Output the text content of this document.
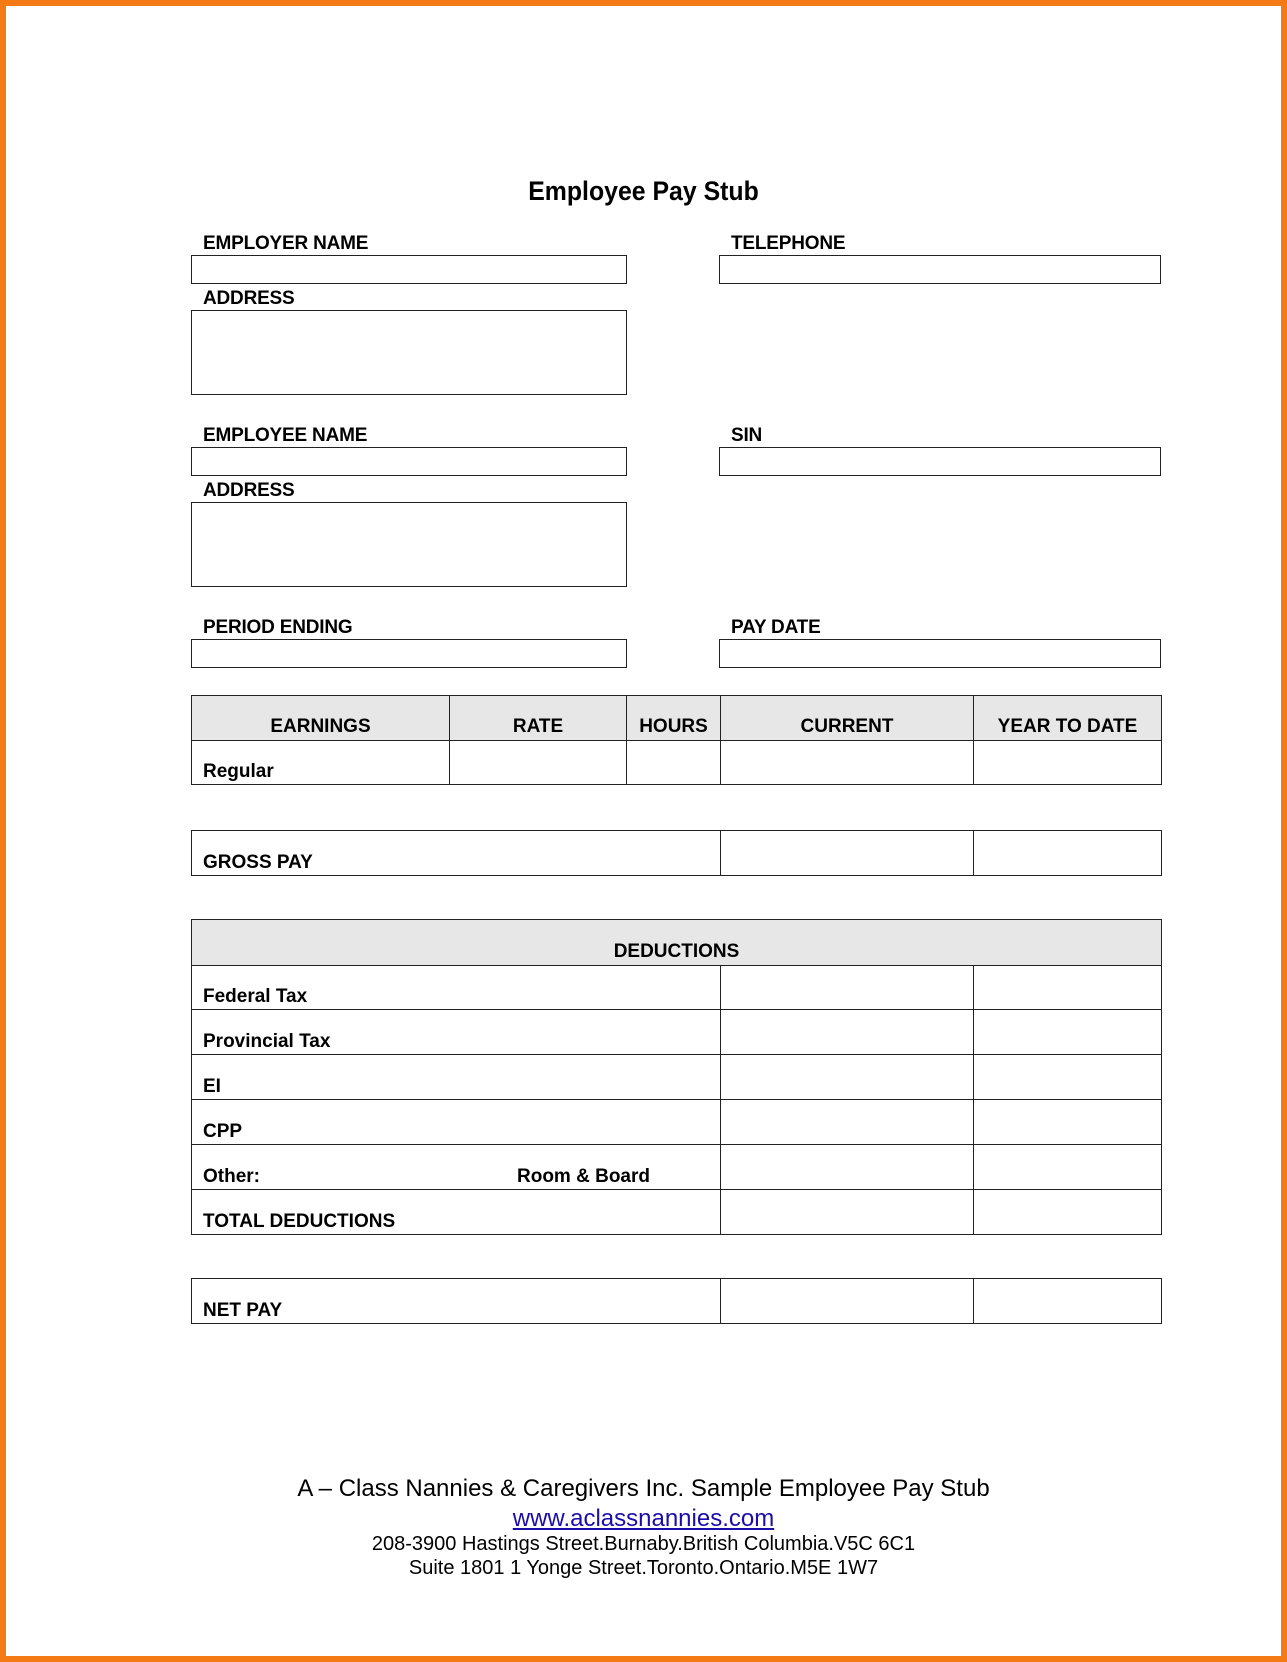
Employee Pay Stub
EMPLOYER NAME	TELEPHONE
ADDRESS
EMPLOYEE NAME	SIN
ADDRESS
PERIOD ENDING	PAY DATE
EARNINGS	RATE	HOURS	CURRENT	YEAR TO DATE
Regular				
GROSS PAY		
DEDUCTIONS		
Federal Tax		
Provincial Tax		
EI		
CPP		
Other: Room & Board		
TOTAL DEDUCTIONS		
NET PAY		
A – Class Nannies & Caregivers Inc. Sample Employee Pay Stub
www.aclassnannies.com
208-3900 Hastings Street.Burnaby.British Columbia.V5C 6C1
Suite 1801 1 Yonge Street.Toronto.Ontario.M5E 1W7
